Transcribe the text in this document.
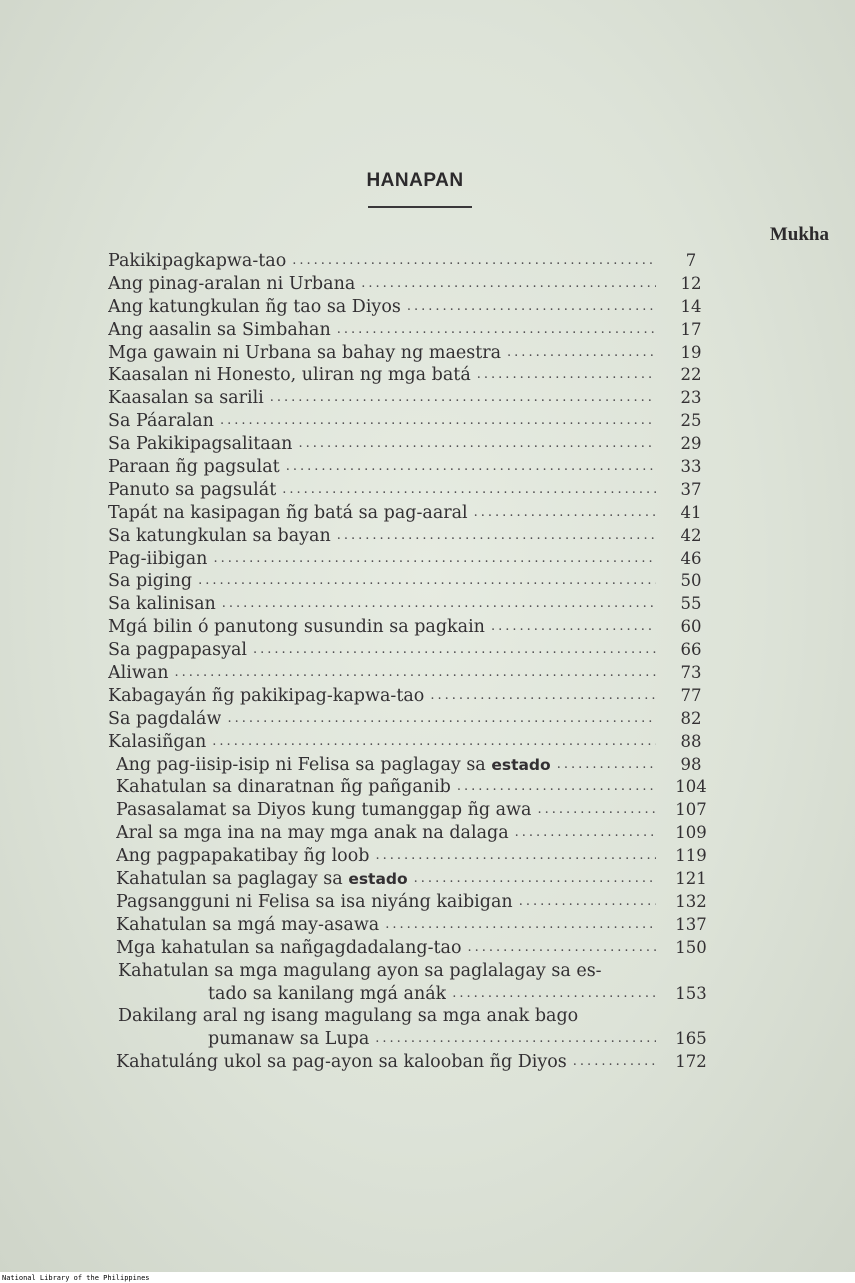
HANAPAN
Mukha
Pakikipagkapwa-tao .....	7
Ang pinag-aralan ni Urbana .....	12
Ang katungkulan ñg tao sa Diyos .....	14
Ang aasalin sa Simbahan .....	17
Mga gawain ni Urbana sa bahay ng maestra .....	19
Kaasalan ni Honesto, uliran ng mga batá .....	22
Kaasalan sa sarili .....	23
Sa Páaralan .....	25
Sa Pakikipagsalitaan .....	29
Paraan ñg pagsulat .....	33
Panuto sa pagsulát .....	37
Tapát na kasipagan ñg batá sa pag-aaral .....	41
Sa katungkulan sa bayan .....	42
Pag-iibigan .....	46
Sa piging .....	50
Sa kalinisan .....	55
Mgá bilin ó panutong susundin sa pagkain .....	60
Sa pagpapasyal .....	66
Aliwan .....	73
Kabagayán ñg pakikipag-kapwa-tao .....	77
Sa pagdaláw .....	82
Kalasiñgan .....	88
Ang pag-iisip-isip ni Felisa sa paglagay sa estado .....	98
Kahatulan sa dinaratnan ñg pañganib .....	104
Pasasalamat sa Diyos kung tumanggap ñg awa .....	107
Aral sa mga ina na may mga anak na dalaga .....	109
Ang pagpapakatibay ñg loob .....	119
Kahatulan sa paglagay sa estado .....	121
Pagsangguni ni Felisa sa isa niyáng kaibigan .....	132
Kahatulan sa mgá may-asawa .....	137
Mga kahatulan sa nañgagdadalang-tao .....	150
Kahatulan sa mga magulang ayon sa paglalagay sa es-
tado sa kanilang mgá anák .....	153
Dakilang aral ng isang magulang sa mga anak bago
pumanaw sa Lupa .....	165
Kahatuláng ukol sa pag-ayon sa kalooban ñg Diyos .....	172
National Library of the Philippines
